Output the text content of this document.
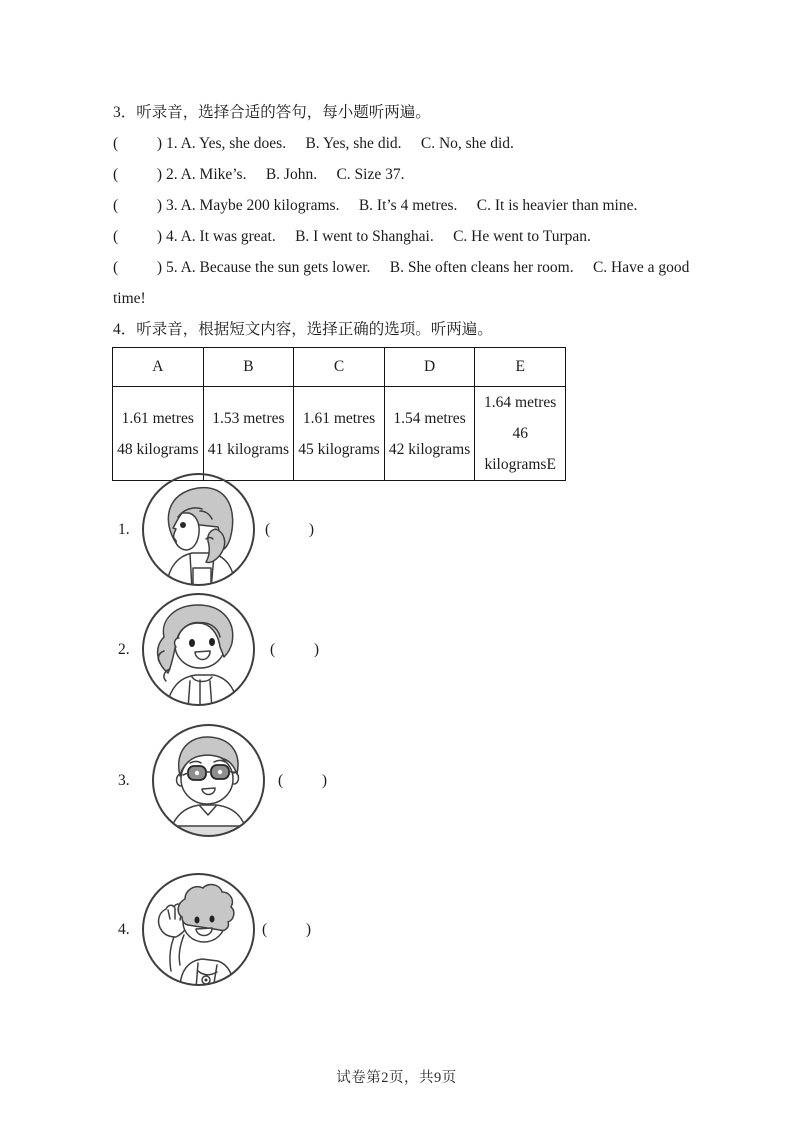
3．听录音，选择合适的答句，每小题听两遍。
(          ) 1. A. Yes, she does.     B. Yes, she did.     C. No, she did.
(          ) 2. A. Mike’s.     B. John.     C. Size 37.
(          ) 3. A. Maybe 200 kilograms.     B. It’s 4 metres.     C. It is heavier than mine.
(          ) 4. A. It was great.     B. I went to Shanghai.     C. He went to Turpan.
(          ) 5. A. Because the sun gets lower.     B. She often cleans her room.     C. Have a good
time!
4．听录音，根据短文内容，选择正确的选项。听两遍。
A	B	C	D	E

1.61 metres
48 kilograms

1.53 metres
41 kilograms

1.61 metres
45 kilograms

1.54 metres
42 kilograms

1.64 metres
46 kilogramsE
1.	(          )
2.	(          )
3.	(          )
4.	(          )
试卷第2页，共9页
